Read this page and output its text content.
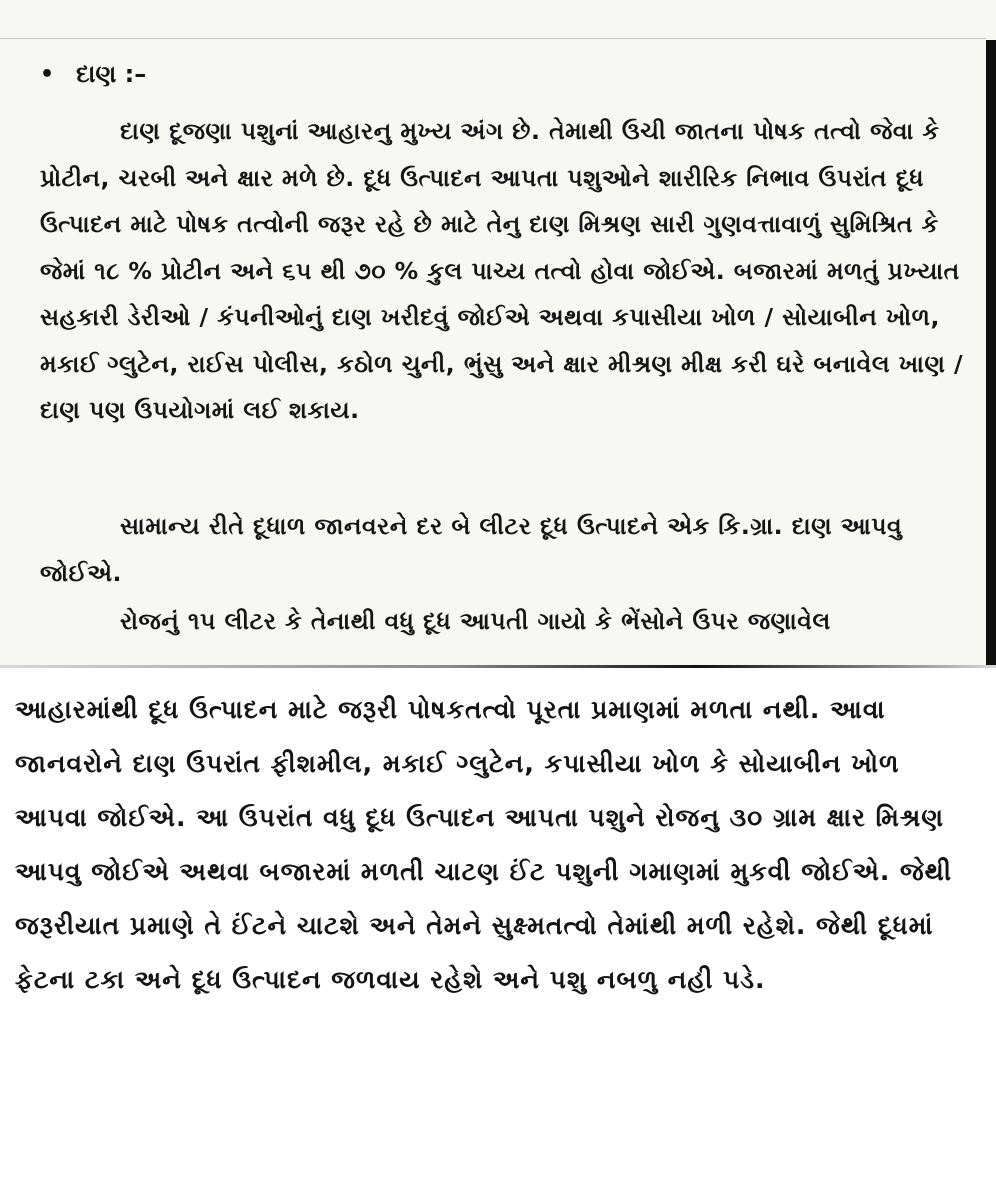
• દાણ :–

દાણ દૂજણા પશુનાં આહારનુ મુખ્ય અંગ છે. તેમાથી ઉચી જાતના પોષક તત્વો જેવા કે પ્રોટીન, ચરબી અને ક્ષાર મળે છે. દૂધ ઉત્પાદન આપતા પશુઓને શારીરિક નિભાવ ઉપરાંત દૂધ ઉત્પાદન માટે પોષક તત્વોની જરૂર રહે છે માટે તેનુ દાણ મિશ્રણ સારી ગુણવત્તાવાળું સુમિશ્રિત કે જેમાં ૧૮ % પ્રોટીન અને ૬૫ થી ૭૦ % કુલ પાચ્ય તત્વો હોવા જોઈએ. બજારમાં મળતું પ્રખ્યાત સહકારી ડેરીઓ / કંપનીઓનું દાણ ખરીદવું જોઈએ અથવા કપાસીયા ખોળ / સોયાબીન ખોળ, મકાઈ ગ્લુટેન, રાઈસ પોલીસ, કઠોળ ચુની, ભુંસુ અને ક્ષાર મીશ્રણ મીક્ષ કરી ઘરે બનાવેલ ખાણ / દાણ પણ ઉપયોગમાં લઈ શકાય.

સામાન્ય રીતે દૂધાળ જાનવરને દર બે લીટર દૂધ ઉત્પાદને એક કિ.ગ્રા. દાણ આપવુ જોઈએ.

રોજનું ૧૫ લીટર કે તેનાથી વધુ દૂધ આપતી ગાયો કે ભેંસોને ઉપર જણાવેલ

આહારમાંથી દૂધ ઉત્પાદન માટે જરૂરી પોષકતત્વો પૂરતા પ્રમાણમાં મળતા નથી. આવા જાનવરોને દાણ ઉપરાંત ફીશમીલ, મકાઈ ગ્લુટેન, કપાસીયા ખોળ કે સોયાબીન ખોળ આપવા જોઈએ. આ ઉપરાંત વધુ દૂધ ઉત્પાદન આપતા પશુને રોજનુ ૩૦ ગ્રામ ક્ષાર મિશ્રણ આપવુ જોઈએ અથવા બજારમાં મળતી ચાટણ ઈંટ પશુની ગમાણમાં મુકવી જોઈએ. જેથી જરૂરીયાત પ્રમાણે તે ઈંટને ચાટશે અને તેમને સુક્ષ્મતત્વો તેમાંથી મળી રહેશે. જેથી દૂધમાં ફેટના ટકા અને દૂધ ઉત્પાદન જળવાય રહેશે અને પશુ નબળુ નહી પડે.
